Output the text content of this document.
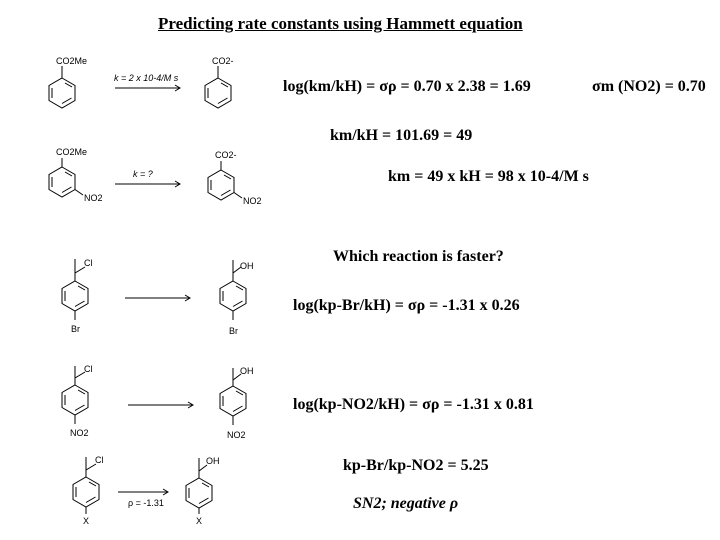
Predicting rate constants using Hammett equation
CO2Me	CO2-
CO2Me
NO2
CO2-
NO2
Cl
Br
OH
Br
Cl
NO2
OH
NO2
Cl
X
OH
X
k = 2 x 10-4/M s
k = ?
ρ = -1.31
log(km/kH) = σρ = 0.70 x 2.38 = 1.69	σm (NO2) = 0.70
km/kH = 101.69 = 49
km = 49 x kH = 98 x 10-4/M s
Which reaction is faster?
log(kp-Br/kH) = σρ = -1.31 x 0.26
log(kp-NO2/kH) = σρ = -1.31 x 0.81
kp-Br/kp-NO2 = 5.25
SN2; negative ρ
